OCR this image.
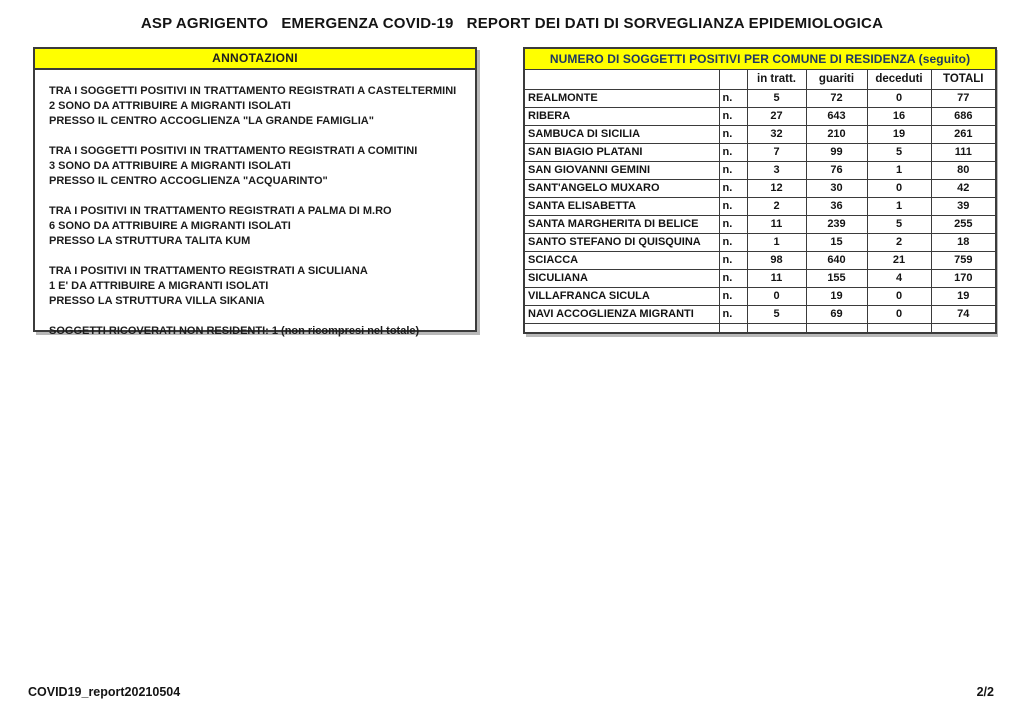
ASP AGRIGENTO   EMERGENZA COVID-19   REPORT DEI DATI DI SORVEGLIANZA EPIDEMIOLOGICA
ANNOTAZIONI
TRA I SOGGETTI POSITIVI IN TRATTAMENTO REGISTRATI A CASTELTERMINI
2 SONO DA ATTRIBUIRE A MIGRANTI ISOLATI
PRESSO IL CENTRO ACCOGLIENZA "LA GRANDE FAMIGLIA"
TRA I SOGGETTI POSITIVI IN TRATTAMENTO REGISTRATI A COMITINI
3 SONO DA ATTRIBUIRE A MIGRANTI ISOLATI
PRESSO IL CENTRO ACCOGLIENZA "ACQUARINTO"
TRA I POSITIVI IN TRATTAMENTO REGISTRATI A PALMA DI M.RO
6 SONO DA ATTRIBUIRE A MIGRANTI ISOLATI
PRESSO LA STRUTTURA TALITA KUM
TRA I POSITIVI IN TRATTAMENTO REGISTRATI A SICULIANA
1 E' DA ATTRIBUIRE A MIGRANTI ISOLATI
PRESSO LA STRUTTURA VILLA SIKANIA
SOGGETTI RICOVERATI NON RESIDENTI: 1 (non ricompresi nel totale)
NUMERO DI SOGGETTI POSITIVI PER COMUNE DI RESIDENZA (seguito)					
		in tratt.	guariti	deceduti	TOTALI
REALMONTE	n.	5	72	0	77
RIBERA	n.	27	643	16	686
SAMBUCA DI SICILIA	n.	32	210	19	261
SAN BIAGIO PLATANI	n.	7	99	5	111
SAN GIOVANNI GEMINI	n.	3	76	1	80
SANT'ANGELO MUXARO	n.	12	30	0	42
SANTA ELISABETTA	n.	2	36	1	39
SANTA MARGHERITA DI BELICE	n.	11	239	5	255
SANTO STEFANO DI QUISQUINA	n.	1	15	2	18
SCIACCA	n.	98	640	21	759
SICULIANA	n.	11	155	4	170
VILLAFRANCA SICULA	n.	0	19	0	19
NAVI ACCOGLIENZA MIGRANTI	n.	5	69	0	74

COVID19_report20210504	2/2
